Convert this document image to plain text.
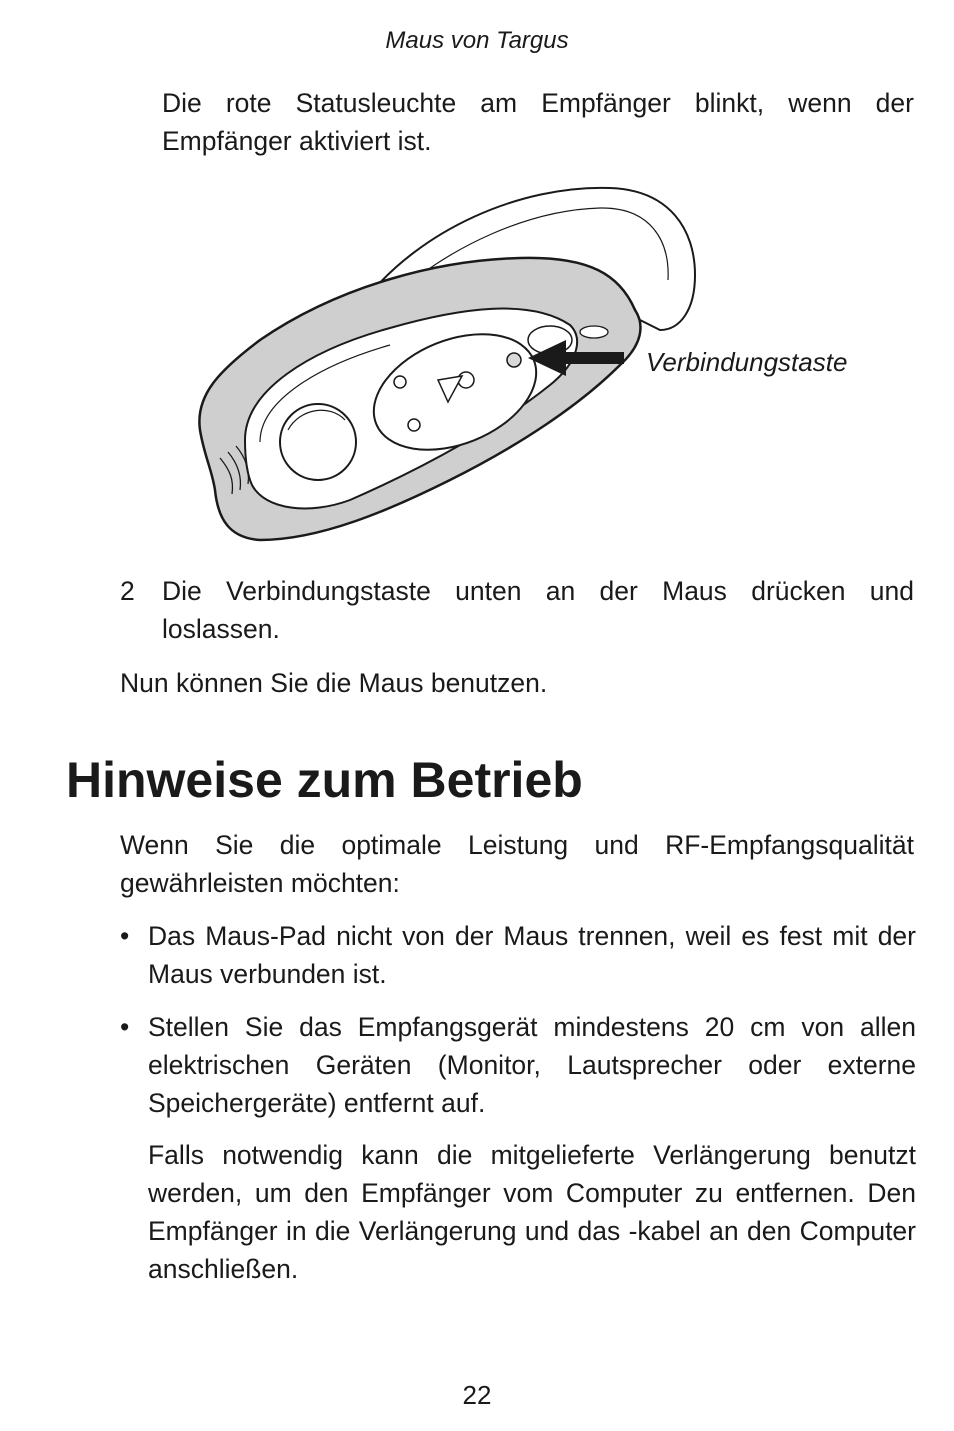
Maus von Targus

Die rote Statusleuchte am Empfänger blinkt, wenn der Empfänger aktiviert ist.

Verbindungstaste
2 Die Verbindungstaste unten an der Maus drücken und loslassen.

Nun können Sie die Maus benutzen.

Hinweise zum Betrieb

Wenn Sie die optimale Leistung und RF-Empfangsqualität gewährleisten möchten:

• Das Maus-Pad nicht von der Maus trennen, weil es fest mit der Maus verbunden ist.

• Stellen Sie das Empfangsgerät mindestens 20 cm von allen elektrischen Geräten (Monitor, Lautsprecher oder externe Speichergeräte) entfernt auf.

Falls notwendig kann die mitgelieferte Verlängerung benutzt werden, um den Empfänger vom Computer zu entfernen. Den Empfänger in die Verlängerung und das -kabel an den Computer anschließen.

22
